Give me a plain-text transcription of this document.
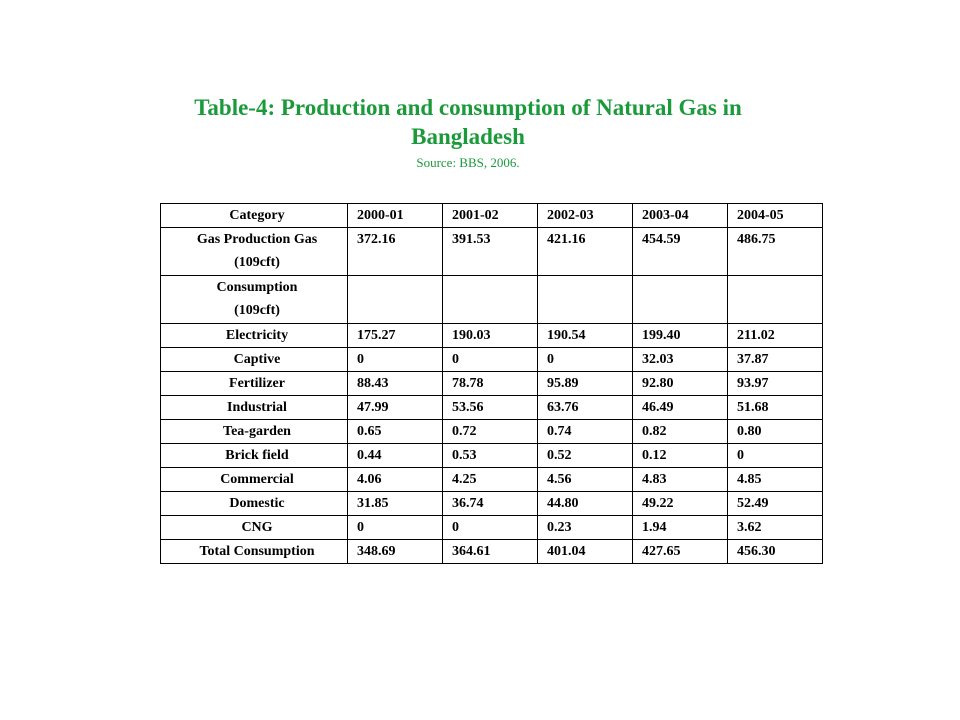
Table-4: Production and consumption of Natural Gas in
Bangladesh
Source: BBS, 2006.
Category	2000-01	2001-02	2002-03	2003-04	2004-05
Gas Production Gas
(109cft)	372.16	391.53	421.16	454.59	486.75
Consumption
(109cft)					
Electricity	175.27	190.03	190.54	199.40	211.02
Captive	0	0	0	32.03	37.87
Fertilizer	88.43	78.78	95.89	92.80	93.97
Industrial	47.99	53.56	63.76	46.49	51.68
Tea-garden	0.65	0.72	0.74	0.82	0.80
Brick field	0.44	0.53	0.52	0.12	0
Commercial	4.06	4.25	4.56	4.83	4.85
Domestic	31.85	36.74	44.80	49.22	52.49
CNG	0	0	0.23	1.94	3.62
Total Consumption	348.69	364.61	401.04	427.65	456.30
